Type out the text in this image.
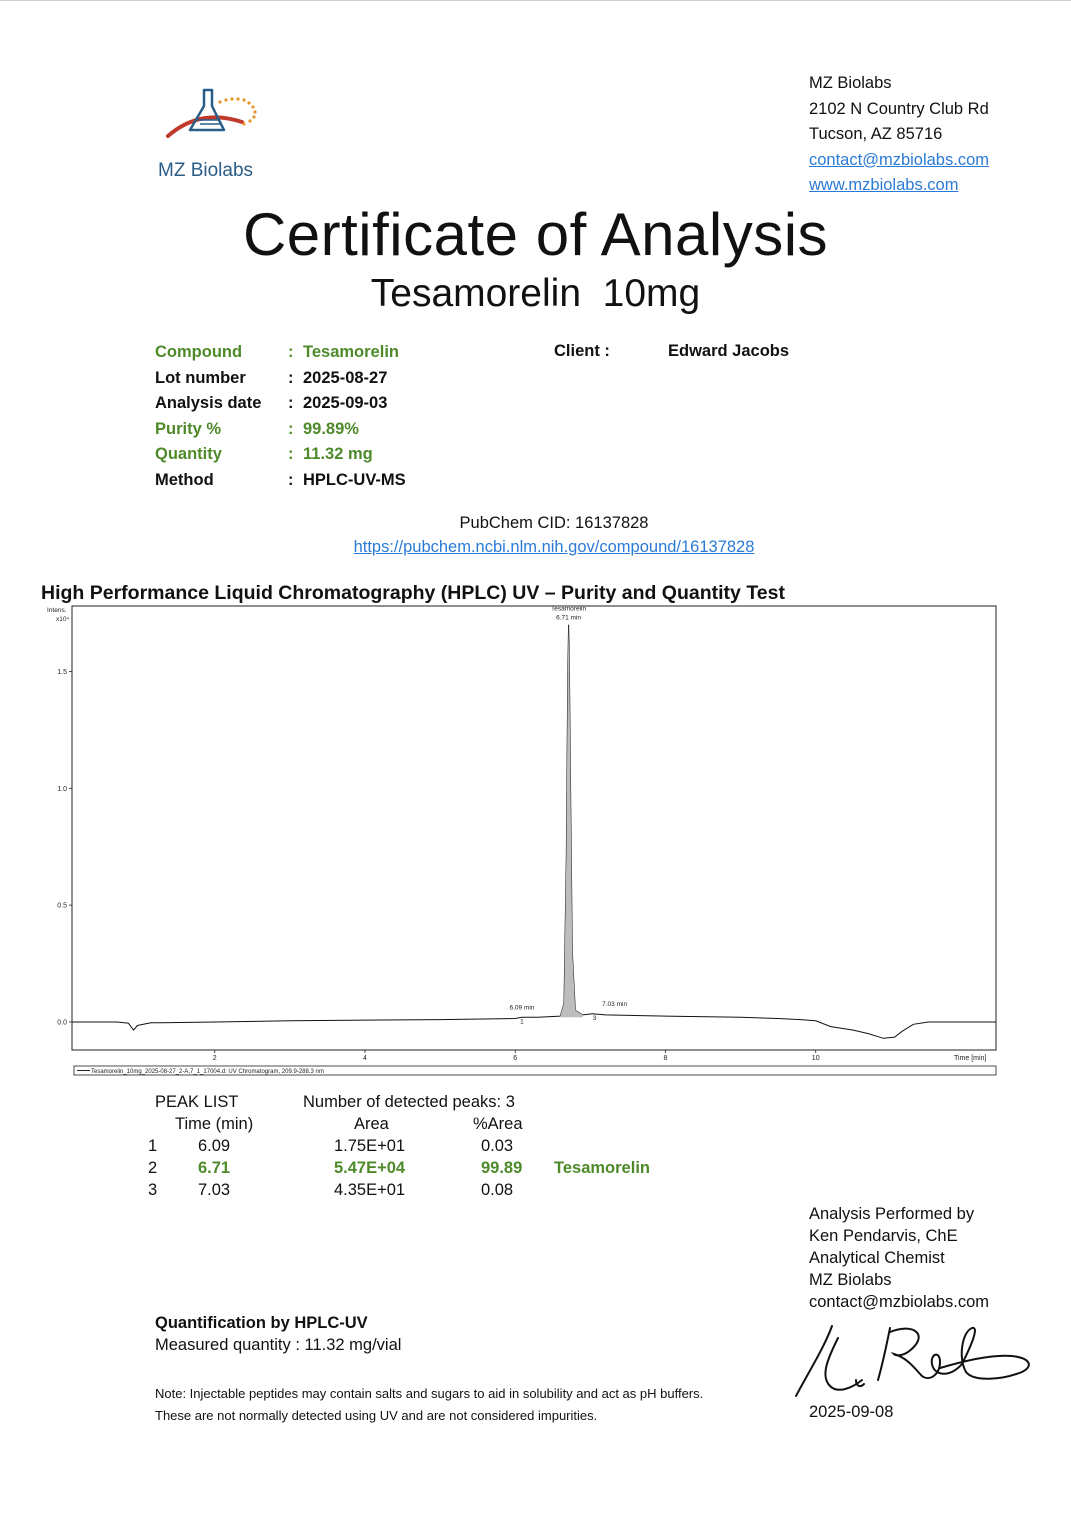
MZ Biolabs
MZ Biolabs
2102 N Country Club Rd
Tucson, AZ 85716
contact@mzbiolabs.com
www.mzbiolabs.com
Certificate of Analysis
Tesamorelin  10mg
Compound	: Tesamorelin
Lot number	: 2025-08-27
Analysis date	: 2025-09-03
Purity %	: 99.89%
Quantity	: 11.32 mg
Method	: HPLC-UV-MS
Client :	Edward Jacobs
PubChem CID: 16137828
https://pubchem.ncbi.nlm.nih.gov/compound/16137828
High Performance Liquid Chromatography (HPLC) UV – Purity and Quantity Test
Tesamorelin_10mg_2025-08-27_2-A,7_1_17004.d: UV Chromatogram, 209.9-288.3 nm
Intens.
x10⁴
Time [min]
2	4	6	8	10
0.0
0.5
1.0
1.5
6.09 min
1
Tesamorelin
6.71 min
7.03 min
3
PEAK LIST	Number of detected peaks: 3
Time (min)	Area	%Area
1 6.09	1.75E+01	0.03
2 6.71	5.47E+04	99.89 Tesamorelin
3 7.03	4.35E+01	0.08
Analysis Performed by
Ken Pendarvis, ChE
Analytical Chemist
MZ Biolabs
contact@mzbiolabs.com
2025-09-08
Quantification by HPLC-UV
Measured quantity : 11.32 mg/vial
Note: Injectable peptides may contain salts and sugars to aid in solubility and act as pH buffers.
These are not normally detected using UV and are not considered impurities.
